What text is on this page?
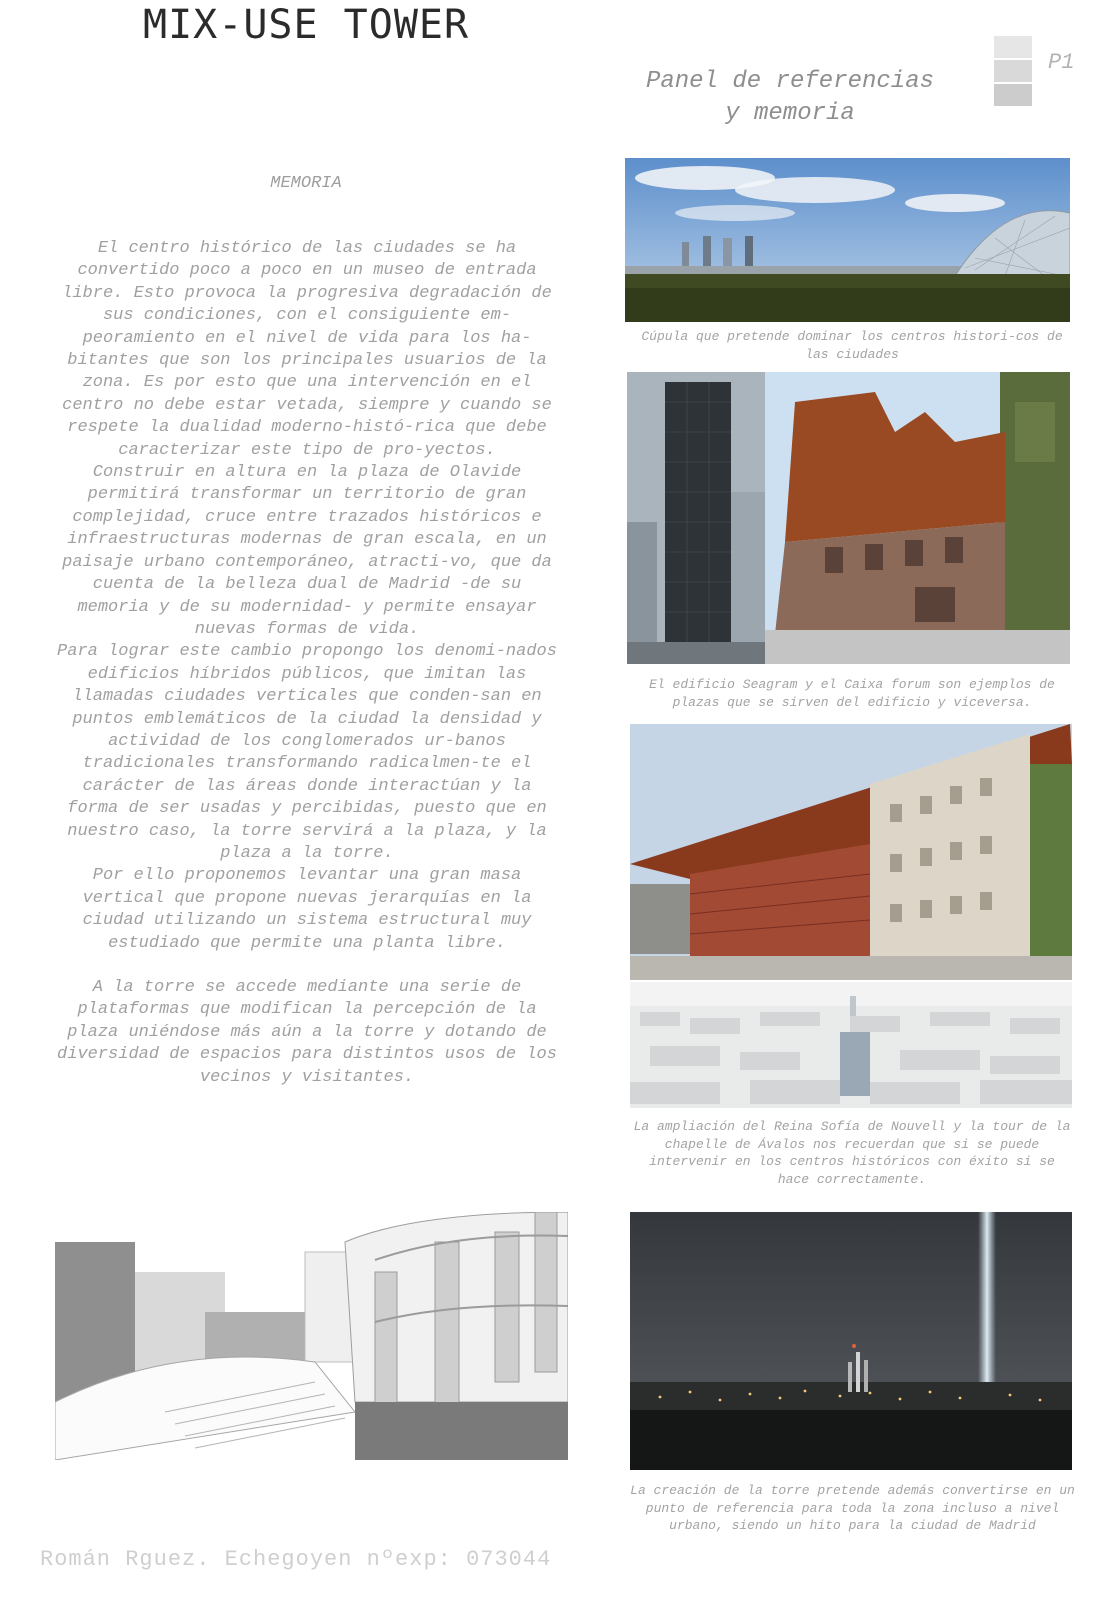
MIX-USE TOWER
Panel de referencias
y memoria
P1
MEMORIA

El centro histórico de las ciudades se ha convertido poco a poco en un museo de entrada libre. Esto provoca la progresiva degradación de sus condiciones, con el consiguiente em-peoramiento en el nivel de vida para los ha-bitantes que son los principales usuarios de la zona. Es por esto que una intervención en el centro no debe estar vetada, siempre y cuando se respete la dualidad moderno-histó-rica que debe caracterizar este tipo de pro-yectos.

Construir en altura en la plaza de Olavide permitirá transformar un territorio de gran complejidad, cruce entre trazados históricos e infraestructuras modernas de gran escala, en un paisaje urbano contemporáneo, atracti-vo, que da cuenta de la belleza dual de Madrid -de su memoria y de su modernidad- y permite ensayar nuevas formas de vida.

Para lograr este cambio propongo los denomi-nados edificios híbridos públicos, que imitan las llamadas ciudades verticales que conden-san en puntos emblemáticos de la ciudad la densidad y actividad de los conglomerados ur-banos tradicionales transformando radicalmen-te el carácter de las áreas donde interactúan y la forma de ser usadas y percibidas, puesto que en nuestro caso, la torre servirá a la plaza, y la plaza a la torre.

Por ello proponemos levantar una gran masa vertical que propone nuevas jerarquías en la ciudad utilizando un sistema estructural muy estudiado que permite una planta libre.

A la torre se accede mediante una serie de plataformas que modifican la percepción de la plaza uniéndose más aún a la torre y dotando de diversidad de espacios para distintos usos de los vecinos y visitantes.

Cúpula que pretende dominar los centros histori-cos de las ciudades
El edificio Seagram y el Caixa forum son ejemplos de plazas que se sirven del edificio y viceversa.
La ampliación del Reina Sofía de Nouvell y la tour de la chapelle de Ávalos nos recuerdan que si se puede intervenir en los centros históricos con éxito si se hace correctamente.
La creación de la torre pretende además convertirse en un punto de referencia para toda la zona incluso a nivel urbano, siendo un hito para la ciudad de Madrid
Román Rguez. Echegoyen nºexp: 073044
